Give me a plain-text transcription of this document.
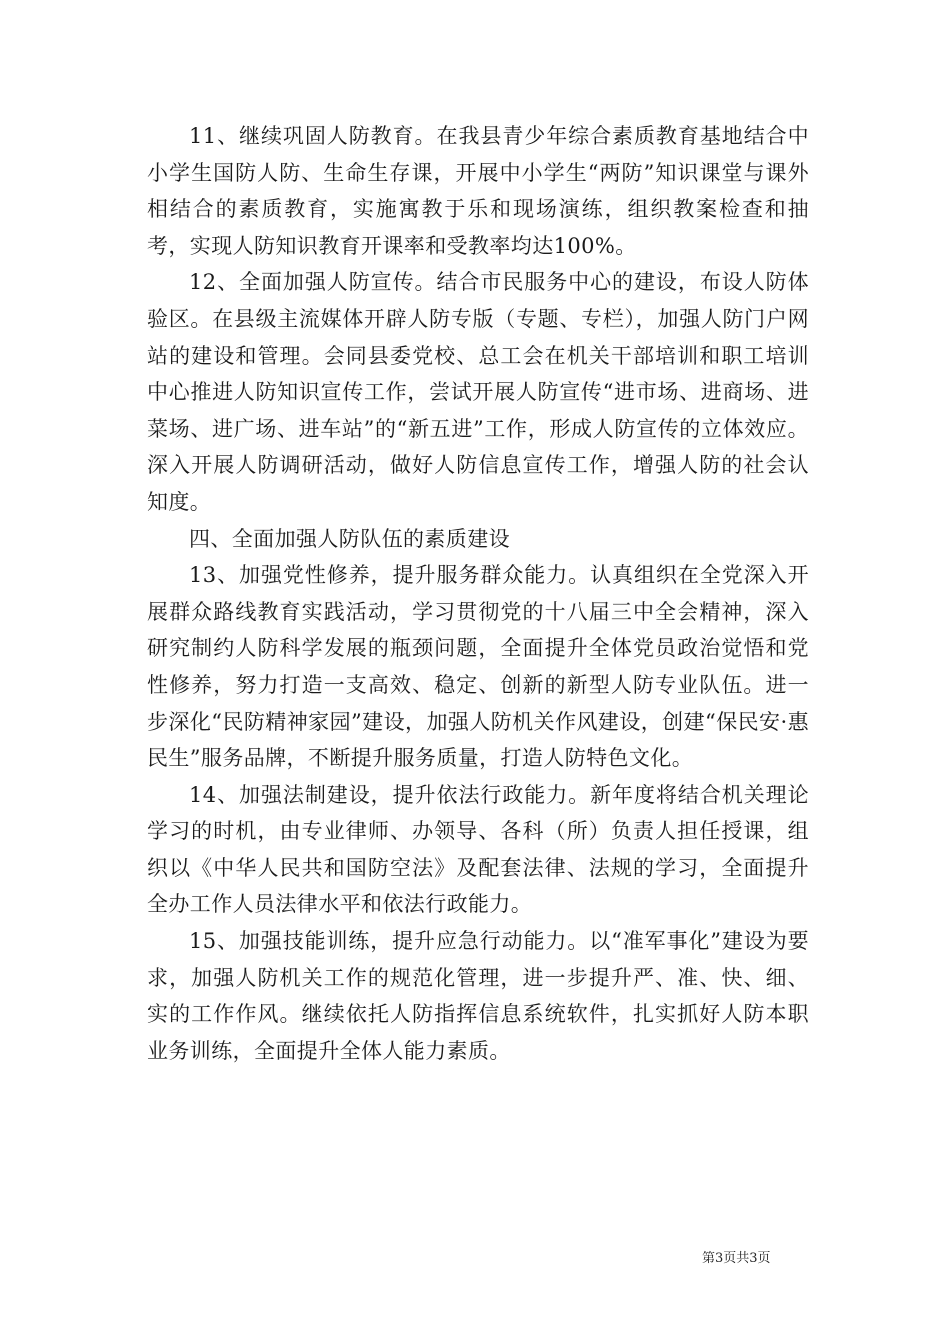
11、继续巩固人防教育。在我县青少年综合素质教育基地结合中小学生国防人防、生命生存课，开展中小学生“两防”知识课堂与课外相结合的素质教育，实施寓教于乐和现场演练，组织教案检查和抽考，实现人防知识教育开课率和受教率均达100%。

12、全面加强人防宣传。结合市民服务中心的建设，布设人防体验区。在县级主流媒体开辟人防专版（专题、专栏），加强人防门户网站的建设和管理。会同县委党校、总工会在机关干部培训和职工培训中心推进人防知识宣传工作，尝试开展人防宣传“进市场、进商场、进菜场、进广场、进车站”的“新五进”工作，形成人防宣传的立体效应。深入开展人防调研活动，做好人防信息宣传工作，增强人防的社会认知度。

四、全面加强人防队伍的素质建设

13、加强党性修养，提升服务群众能力。认真组织在全党深入开展群众路线教育实践活动，学习贯彻党的十八届三中全会精神，深入研究制约人防科学发展的瓶颈问题，全面提升全体党员政治觉悟和党性修养，努力打造一支高效、稳定、创新的新型人防专业队伍。进一步深化“民防精神家园”建设，加强人防机关作风建设，创建“保民安·惠民生”服务品牌，不断提升服务质量，打造人防特色文化。

14、加强法制建设，提升依法行政能力。新年度将结合机关理论学习的时机，由专业律师、办领导、各科（所）负责人担任授课，组织以《中华人民共和国防空法》及配套法律、法规的学习，全面提升全办工作人员法律水平和依法行政能力。

15、加强技能训练，提升应急行动能力。以“准军事化”建设为要求，加强人防机关工作的规范化管理，进一步提升严、准、快、细、实的工作作风。继续依托人防指挥信息系统软件，扎实抓好人防本职业务训练，全面提升全体人能力素质。

第3页共3页
